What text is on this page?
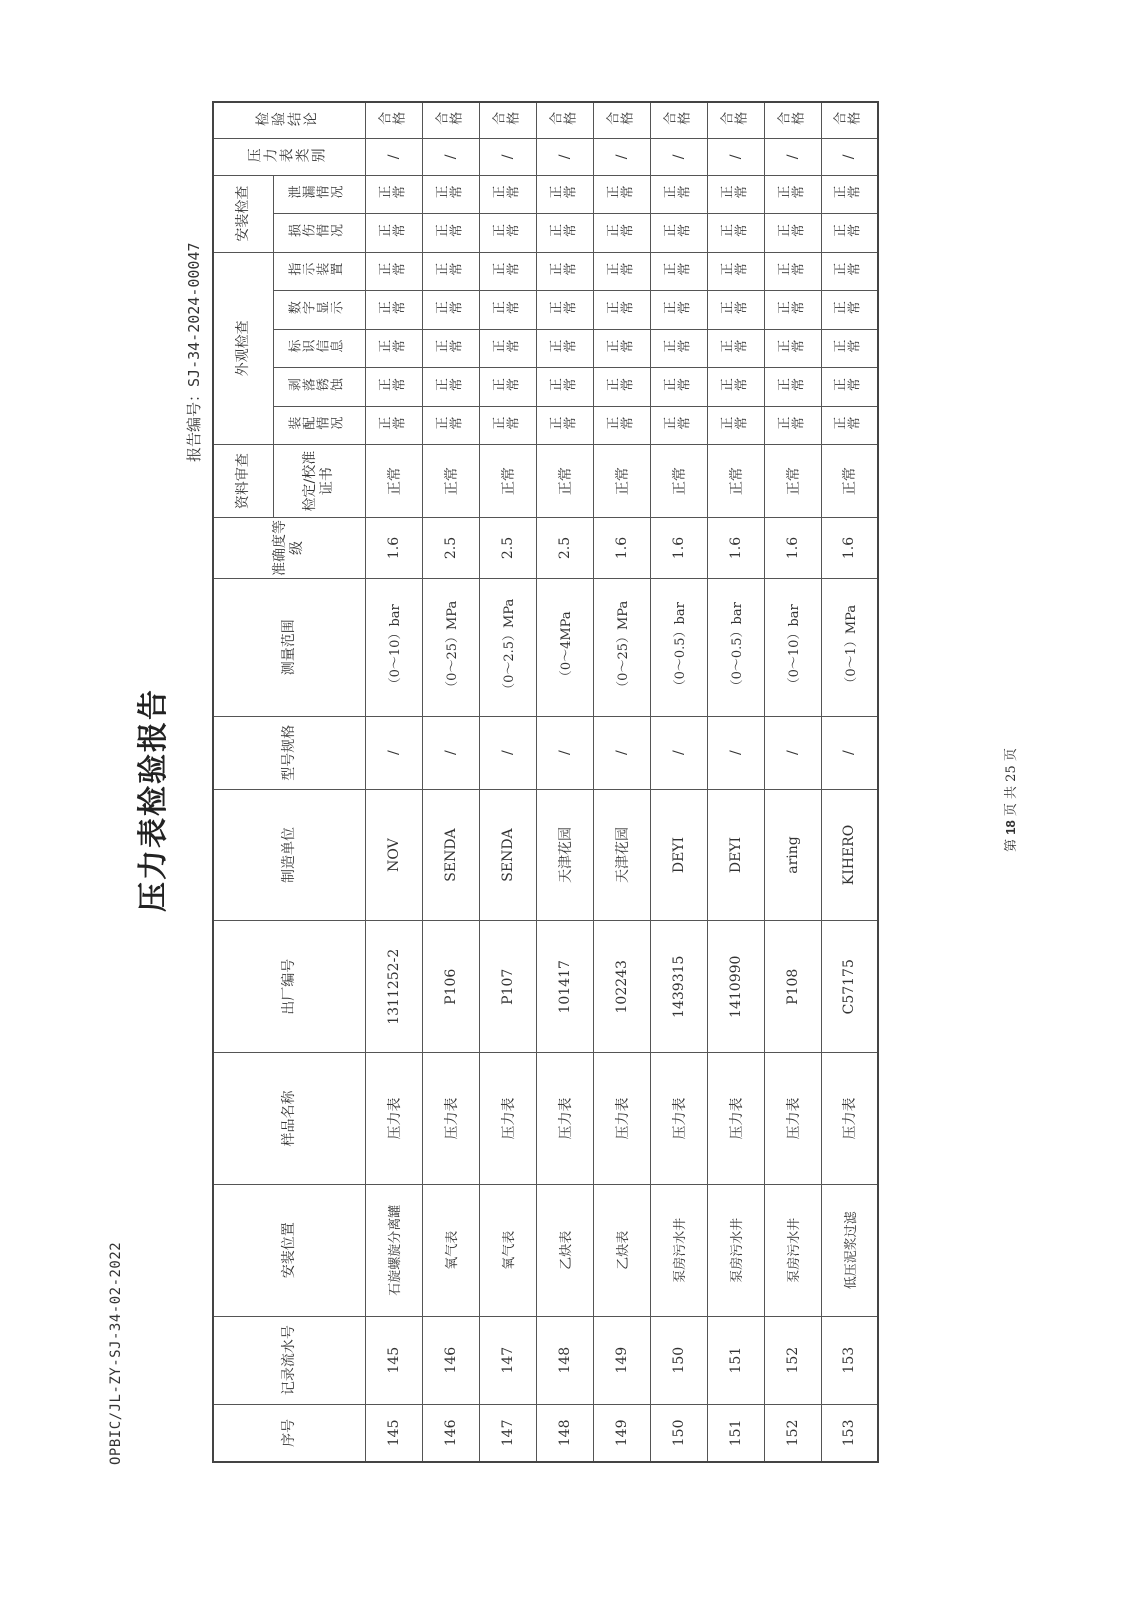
OPBIC/JL-ZY-SJ-34-02-2022
压力表检验报告
报告编号：SJ-34-2024-00047
序号	记录流水号	安装位置	样品名称	出厂编号	制造单位	型号规格	测量范围	准确度等级	资料审查	外观检查					安装检查		压力表类别	检验结论
									检定/校准证书	装配情况	剥落锈蚀	标识信息	数字显示	指示装置	损伤情况	泄漏情况		
145	145	石旋螺旋分离罐	压力表	1311252-2	NOV	/	（0～10）bar	1.6	正常	正常	正常	正常	正常	正常	正常	正常	/	合格
146	146	氧气表	压力表	P106	SENDA	/	（0～25）MPa	2.5	正常	正常	正常	正常	正常	正常	正常	正常	/	合格
147	147	氧气表	压力表	P107	SENDA	/	（0～2.5）MPa	2.5	正常	正常	正常	正常	正常	正常	正常	正常	/	合格
148	148	乙炔表	压力表	101417	天津花园	/	（0～4MPa	2.5	正常	正常	正常	正常	正常	正常	正常	正常	/	合格
149	149	乙炔表	压力表	102243	天津花园	/	（0～25）MPa	1.6	正常	正常	正常	正常	正常	正常	正常	正常	/	合格
150	150	泵房污水井	压力表	1439315	DEYI	/	（0～0.5）bar	1.6	正常	正常	正常	正常	正常	正常	正常	正常	/	合格
151	151	泵房污水井	压力表	1410990	DEYI	/	（0～0.5）bar	1.6	正常	正常	正常	正常	正常	正常	正常	正常	/	合格
152	152	泵房污水井	压力表	P108	aring	/	（0～10）bar	1.6	正常	正常	正常	正常	正常	正常	正常	正常	/	合格
153	153	低压泥浆过滤	压力表	C57175	KIHERO	/	（0～1）MPa	1.6	正常	正常	正常	正常	正常	正常	正常	正常	/	合格
第 18 页 共 25 页
